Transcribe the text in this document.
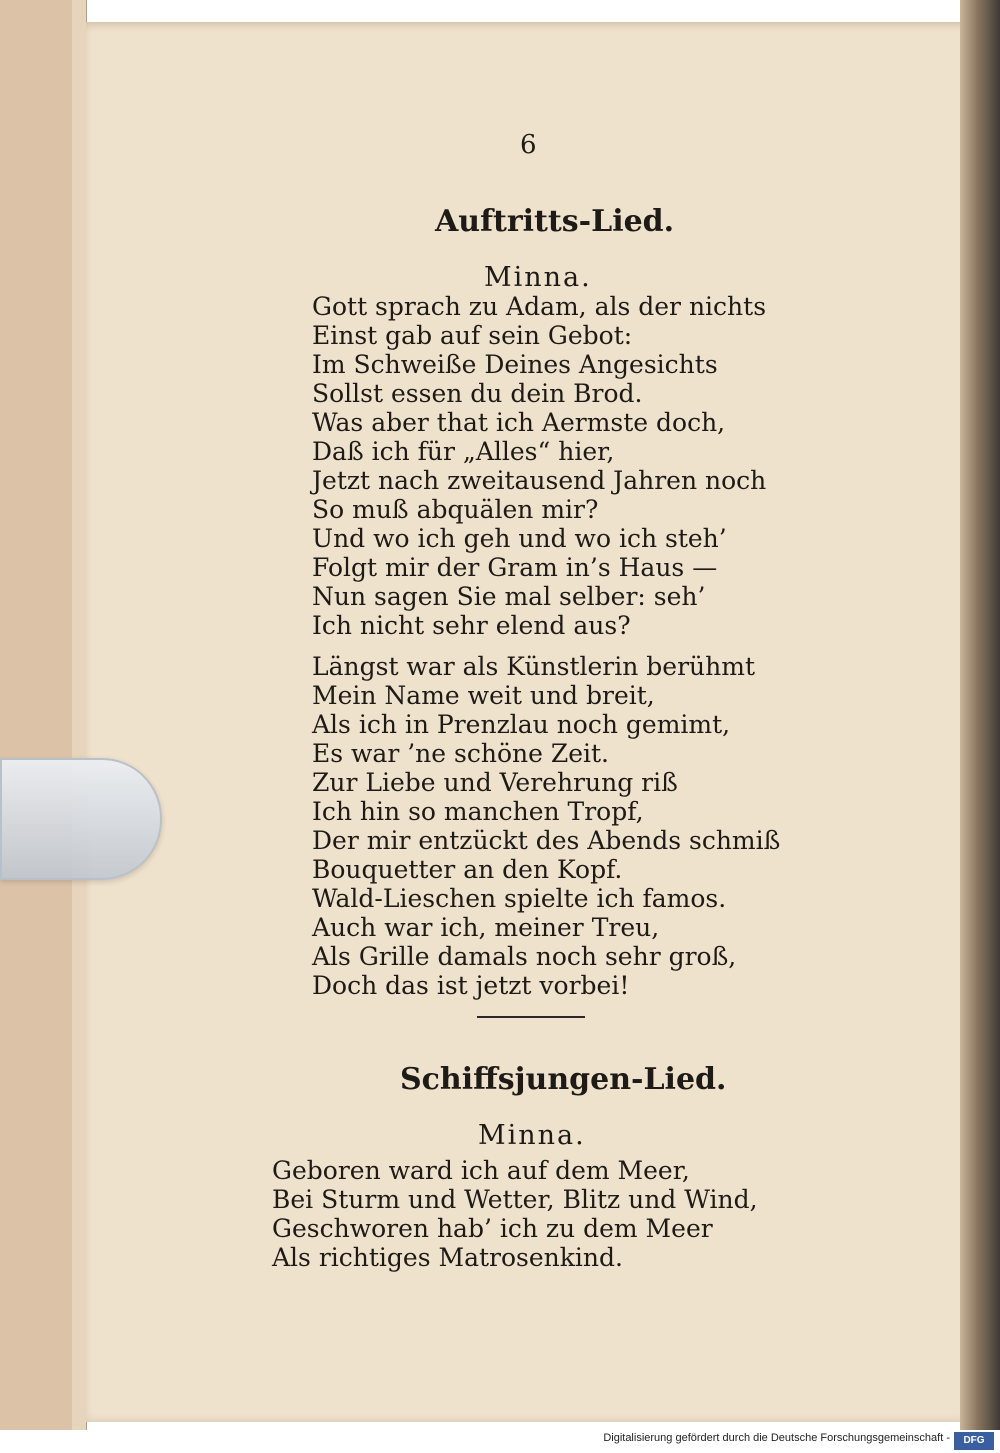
6
Auftritts-Lied.
Minna.
Gott sprach zu Adam, als der nichts
Einst gab auf sein Gebot:
Im Schweiße Deines Angesichts
Sollst essen du dein Brod.
Was aber that ich Aermste doch,
Daß ich für „Alles“ hier,
Jetzt nach zweitausend Jahren noch
So muß abquälen mir?
Und wo ich geh und wo ich steh’
Folgt mir der Gram in’s Haus —
Nun sagen Sie mal selber: seh’
Ich nicht sehr elend aus?
Längst war als Künstlerin berühmt
Mein Name weit und breit,
Als ich in Prenzlau noch gemimt,
Es war ’ne schöne Zeit.
Zur Liebe und Verehrung riß
Ich hin so manchen Tropf,
Der mir entzückt des Abends schmiß
Bouquetter an den Kopf.
Wald-Lieschen spielte ich famos.
Auch war ich, meiner Treu,
Als Grille damals noch sehr groß,
Doch das ist jetzt vorbei!
Schiffsjungen-Lied.
Minna.
Geboren ward ich auf dem Meer,
Bei Sturm und Wetter, Blitz und Wind,
Geschworen hab’ ich zu dem Meer
Als richtiges Matrosenkind.
Digitalisierung gefördert durch die Deutsche Forschungsgemeinschaft -	DFG
